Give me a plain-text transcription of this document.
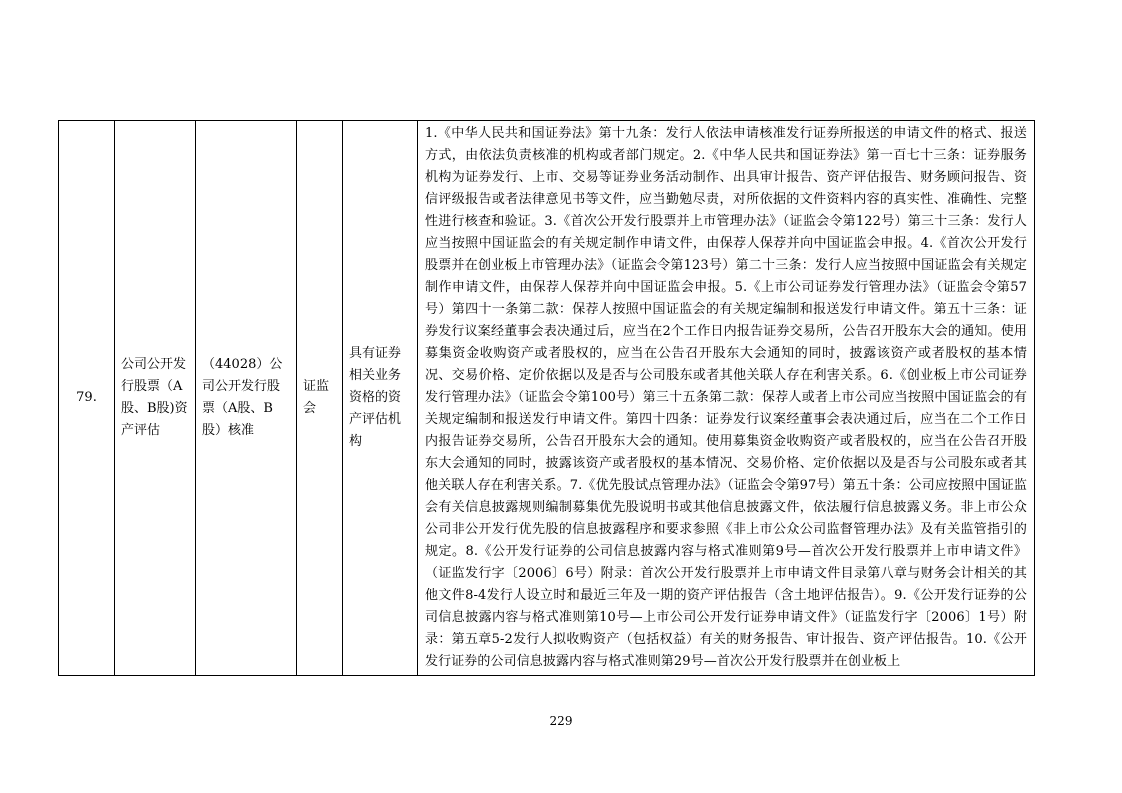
79.	公司公开发行股票（A股、B股)资产评估	（44028）公司公开发行股票（A股、B股）核准	证监会	具有证券相关业务资格的资产评估机构	1.《中华人民共和国证券法》第十九条：发行人依法申请核准发行证券所报送的申请文件的格式、报送方式，由依法负责核准的机构或者部门规定。2.《中华人民共和国证券法》第一百七十三条：证券服务机构为证券发行、上市、交易等证券业务活动制作、出具审计报告、资产评估报告、财务顾问报告、资信评级报告或者法律意见书等文件，应当勤勉尽责，对所依据的文件资料内容的真实性、准确性、完整性进行核查和验证。3.《首次公开发行股票并上市管理办法》（证监会令第122号）第三十三条：发行人应当按照中国证监会的有关规定制作申请文件，由保荐人保荐并向中国证监会申报。4.《首次公开发行股票并在创业板上市管理办法》（证监会令第123号）第二十三条：发行人应当按照中国证监会有关规定制作申请文件，由保荐人保荐并向中国证监会申报。5.《上市公司证券发行管理办法》（证监会令第57号）第四十一条第二款：保荐人按照中国证监会的有关规定编制和报送发行申请文件。第五十三条：证券发行议案经董事会表决通过后，应当在2个工作日内报告证券交易所，公告召开股东大会的通知。使用募集资金收购资产或者股权的，应当在公告召开股东大会通知的同时，披露该资产或者股权的基本情况、交易价格、定价依据以及是否与公司股东或者其他关联人存在利害关系。6.《创业板上市公司证券发行管理办法》（证监会令第100号）第三十五条第二款：保荐人或者上市公司应当按照中国证监会的有关规定编制和报送发行申请文件。第四十四条：证券发行议案经董事会表决通过后，应当在二个工作日内报告证券交易所，公告召开股东大会的通知。使用募集资金收购资产或者股权的，应当在公告召开股东大会通知的同时，披露该资产或者股权的基本情况、交易价格、定价依据以及是否与公司股东或者其他关联人存在利害关系。7.《优先股试点管理办法》（证监会令第97号）第五十条：公司应按照中国证监会有关信息披露规则编制募集优先股说明书或其他信息披露文件，依法履行信息披露义务。非上市公众公司非公开发行优先股的信息披露程序和要求参照《非上市公众公司监督管理办法》及有关监管指引的规定。8.《公开发行证券的公司信息披露内容与格式准则第9号—首次公开发行股票并上市申请文件》（证监发行字〔2006〕6号）附录：首次公开发行股票并上市申请文件目录第八章与财务会计相关的其他文件8-4发行人设立时和最近三年及一期的资产评估报告（含土地评估报告）。9.《公开发行证券的公司信息披露内容与格式准则第10号—上市公司公开发行证券申请文件》（证监发行字〔2006〕1号）附录：第五章5-2发行人拟收购资产（包括权益）有关的财务报告、审计报告、资产评估报告。10.《公开发行证券的公司信息披露内容与格式准则第29号—首次公开发行股票并在创业板上
229
